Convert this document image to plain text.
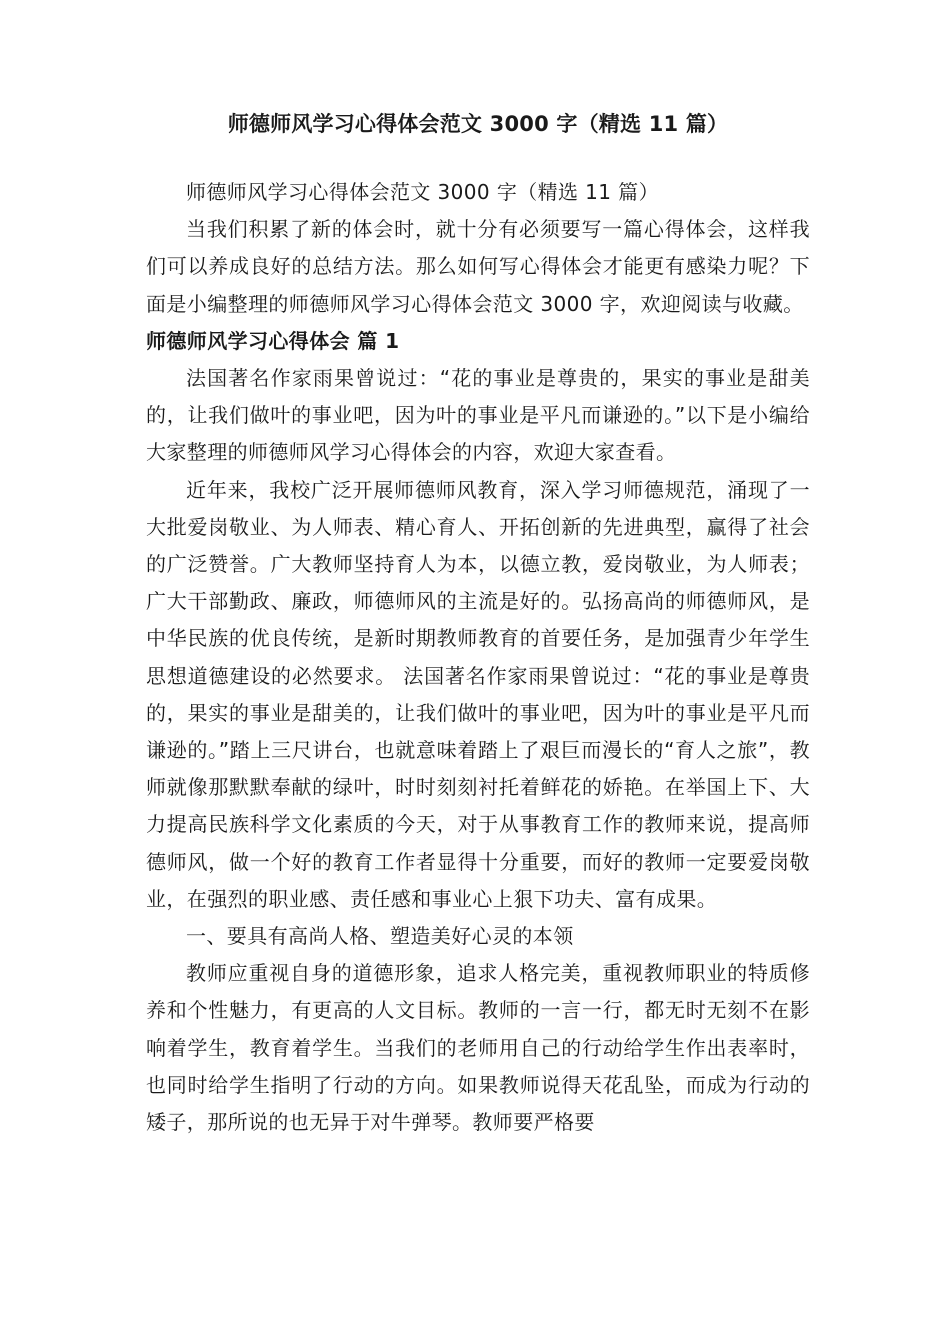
师德师风学习心得体会范文 3000 字（精选 11 篇）

师德师风学习心得体会范文 3000 字（精选 11 篇）

当我们积累了新的体会时，就十分有必须要写一篇心得体会，这样我们可以养成良好的总结方法。那么如何写心得体会才能更有感染力呢？下面是小编整理的师德师风学习心得体会范文 3000 字，欢迎阅读与收藏。

师德师风学习心得体会 篇 1

法国著名作家雨果曾说过：“花的事业是尊贵的，果实的事业是甜美的，让我们做叶的事业吧，因为叶的事业是平凡而谦逊的。”以下是小编给大家整理的师德师风学习心得体会的内容，欢迎大家查看。

近年来，我校广泛开展师德师风教育，深入学习师德规范，涌现了一大批爱岗敬业、为人师表、精心育人、开拓创新的先进典型，赢得了社会的广泛赞誉。广大教师坚持育人为本，以德立教，爱岗敬业，为人师表；广大干部勤政、廉政，师德师风的主流是好的。弘扬高尚的师德师风，是中华民族的优良传统，是新时期教师教育的首要任务，是加强青少年学生思想道德建设的必然要求。 法国著名作家雨果曾说过：“花的事业是尊贵的，果实的事业是甜美的，让我们做叶的事业吧，因为叶的事业是平凡而谦逊的。”踏上三尺讲台，也就意味着踏上了艰巨而漫长的“育人之旅”，教师就像那默默奉献的绿叶，时时刻刻衬托着鲜花的娇艳。在举国上下、大力提高民族科学文化素质的今天，对于从事教育工作的教师来说，提高师德师风，做一个好的教育工作者显得十分重要，而好的教师一定要爱岗敬业，在强烈的职业感、责任感和事业心上狠下功夫、富有成果。

一、要具有高尚人格、塑造美好心灵的本领

教师应重视自身的道德形象，追求人格完美，重视教师职业的特质修养和个性魅力，有更高的人文目标。教师的一言一行，都无时无刻不在影响着学生，教育着学生。当我们的老师用自己的行动给学生作出表率时，也同时给学生指明了行动的方向。如果教师说得天花乱坠，而成为行动的矮子，那所说的也无异于对牛弹琴。教师要严格要
